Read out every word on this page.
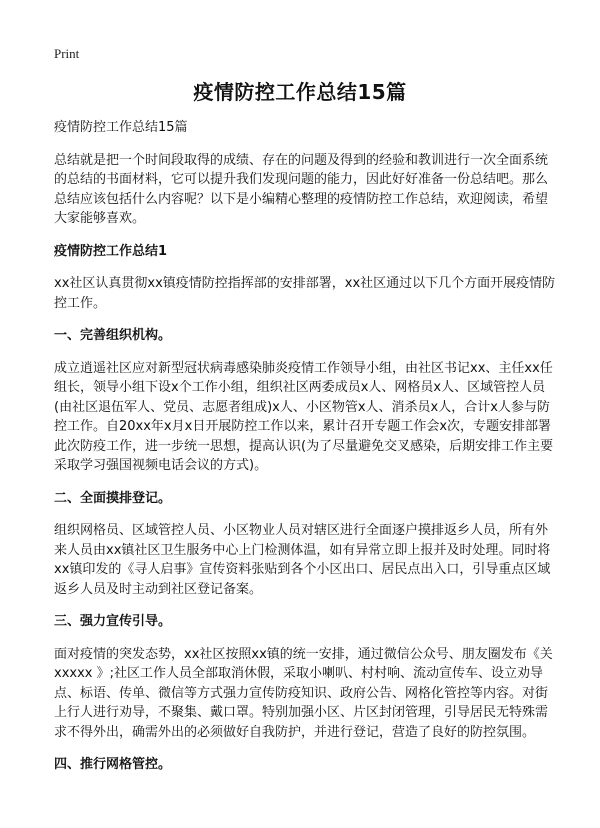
Print
疫情防控工作总结15篇

疫情防控工作总结15篇

总结就是把一个时间段取得的成绩、存在的问题及得到的经验和教训进行一次全面系统的总结的书面材料，它可以提升我们发现问题的能力，因此好好准备一份总结吧。那么总结应该包括什么内容呢？以下是小编精心整理的疫情防控工作总结，欢迎阅读，希望大家能够喜欢。

疫情防控工作总结1

xx社区认真贯彻xx镇疫情防控指挥部的安排部署，xx社区通过以下几个方面开展疫情防控工作。

一、完善组织机构。

成立逍遥社区应对新型冠状病毒感染肺炎疫情工作领导小组，由社区书记xx、主任xx任组长，领导小组下设x个工作小组，组织社区两委成员x人、网格员x人、区域管控人员(由社区退伍军人、党员、志愿者组成)x人、小区物管x人、消杀员x人，合计x人参与防控工作。自20xx年x月x日开展防控工作以来，累计召开专题工作会x次，专题安排部署此次防疫工作，进一步统一思想，提高认识(为了尽量避免交叉感染，后期安排工作主要采取学习强国视频电话会议的方式)。

二、全面摸排登记。

组织网格员、区域管控人员、小区物业人员对辖区进行全面逐户摸排返乡人员，所有外来人员由xx镇社区卫生服务中心上门检测体温，如有异常立即上报并及时处理。同时将xx镇印发的《寻人启事》宣传资料张贴到各个小区出口、居民点出入口，引导重点区域返乡人员及时主动到社区登记备案。

三、强力宣传引导。

面对疫情的突发态势，xx社区按照xx镇的统一安排，通过微信公众号、朋友圈发布《关xxxxx 》;社区工作人员全部取消休假，采取小喇叭、村村响、流动宣传车、设立劝导点、标语、传单、微信等方式强力宣传防疫知识、政府公告、网格化管控等内容。对街上行人进行劝导，不聚集、戴口罩。特别加强小区、片区封闭管理，引导居民无特殊需求不得外出，确需外出的必须做好自我防护，并进行登记，营造了良好的防控氛围。

四、推行网格管控。
